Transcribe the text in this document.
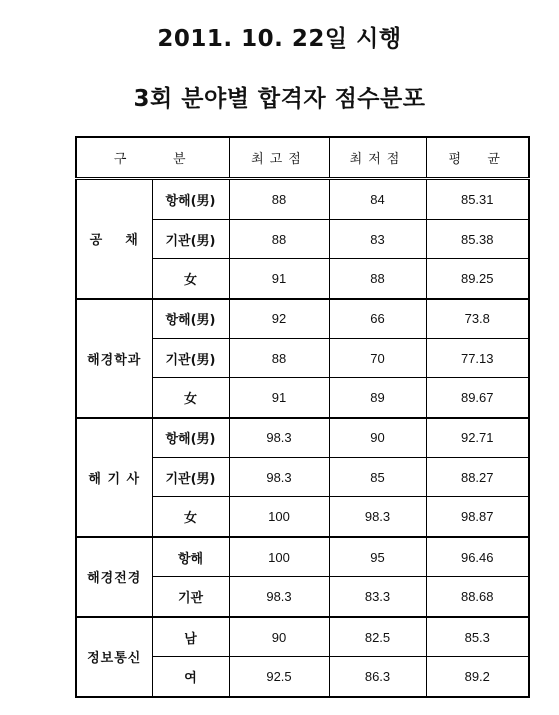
2011. 10. 22일 시행
3회 분야별 합격자 점수분포
구    분		최고점	최저점	평  균
공    채	항해(男)	88	84	85.31
	기관(男)	88	83	85.38
	女	91	88	89.25
해경학과	항해(男)	92	66	73.8
	기관(男)	88	70	77.13
	女	91	89	89.67
해 기 사	항해(男)	98.3	90	92.71
	기관(男)	98.3	85	88.27
	女	100	98.3	98.87
해경전경	항해	100	95	96.46
	기관	98.3	83.3	88.68
정보통신	남	90	82.5	85.3
	여	92.5	86.3	89.2
